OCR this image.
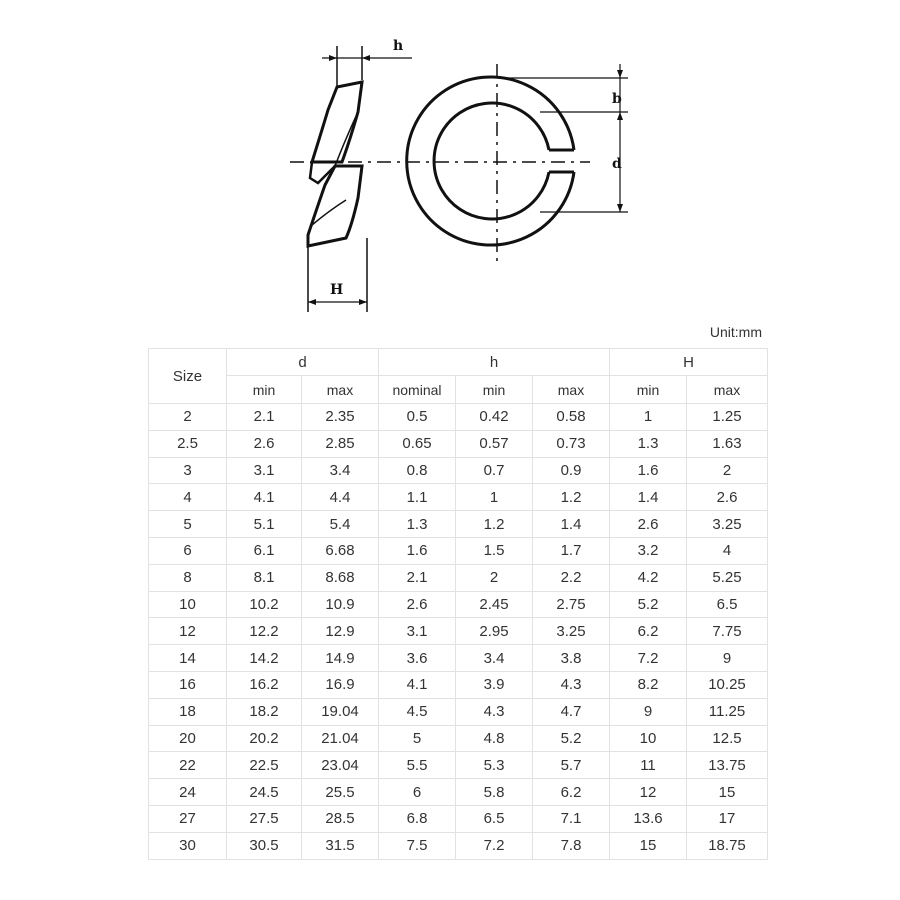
h
b
d
H
Unit:mm
Size	d		h			H	
	min	max	nominal	min	max	min	max
2	2.1	2.35	0.5	0.42	0.58	1	1.25
2.5	2.6	2.85	0.65	0.57	0.73	1.3	1.63
3	3.1	3.4	0.8	0.7	0.9	1.6	2
4	4.1	4.4	1.1	1	1.2	1.4	2.6
5	5.1	5.4	1.3	1.2	1.4	2.6	3.25
6	6.1	6.68	1.6	1.5	1.7	3.2	4
8	8.1	8.68	2.1	2	2.2	4.2	5.25
10	10.2	10.9	2.6	2.45	2.75	5.2	6.5
12	12.2	12.9	3.1	2.95	3.25	6.2	7.75
14	14.2	14.9	3.6	3.4	3.8	7.2	9
16	16.2	16.9	4.1	3.9	4.3	8.2	10.25
18	18.2	19.04	4.5	4.3	4.7	9	11.25
20	20.2	21.04	5	4.8	5.2	10	12.5
22	22.5	23.04	5.5	5.3	5.7	11	13.75
24	24.5	25.5	6	5.8	6.2	12	15
27	27.5	28.5	6.8	6.5	7.1	13.6	17
30	30.5	31.5	7.5	7.2	7.8	15	18.75
